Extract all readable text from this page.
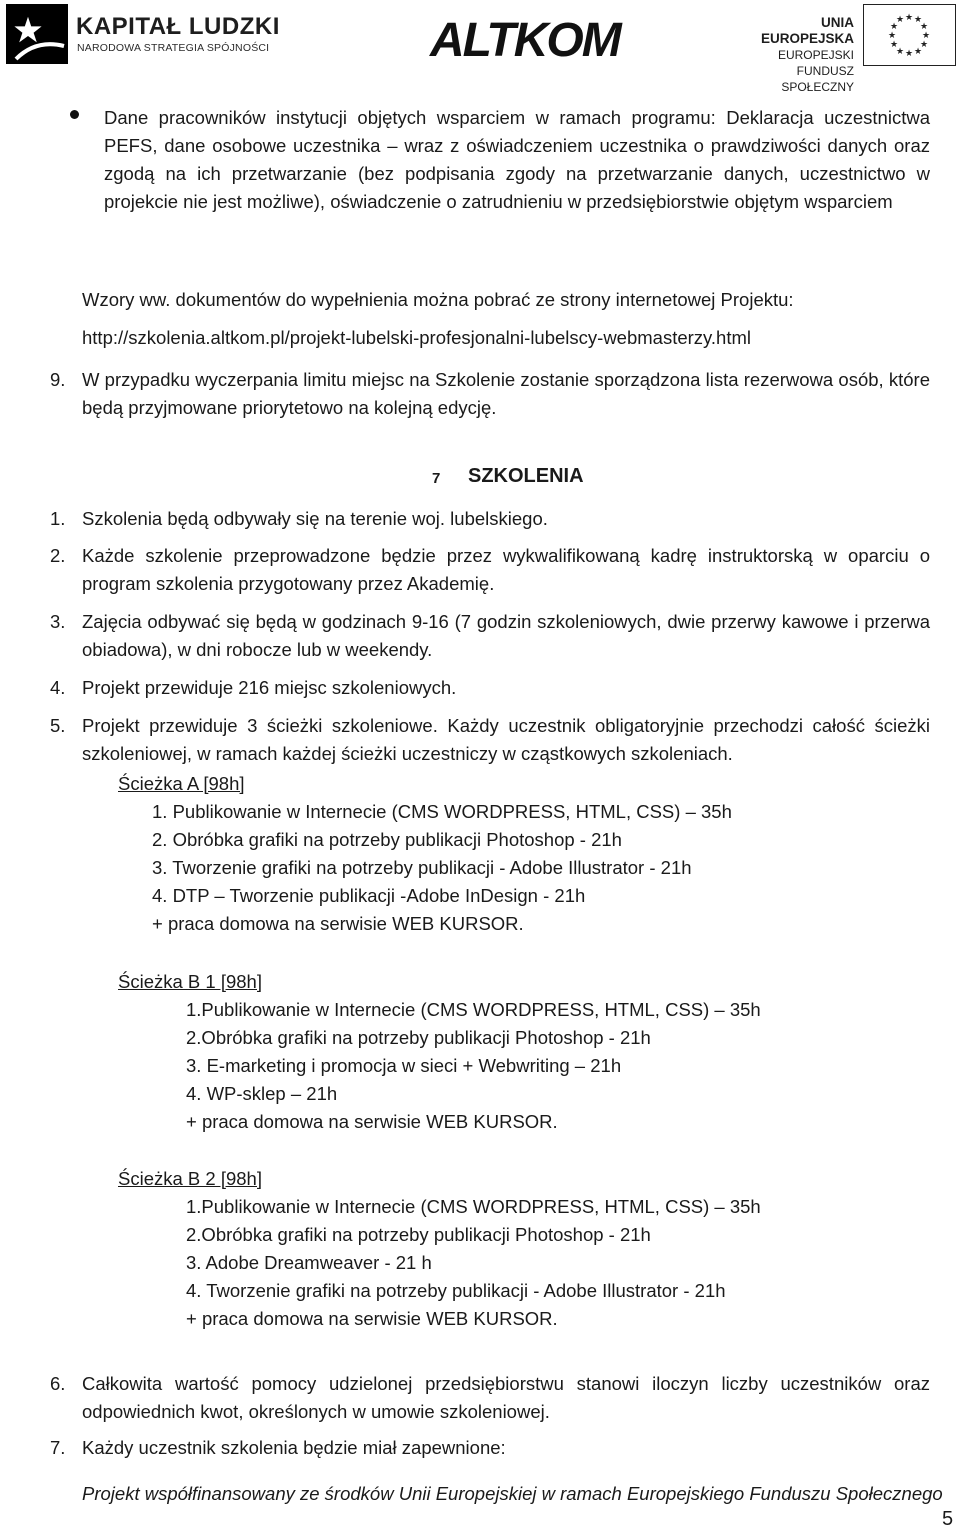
KAPITAŁ LUDZKI
NARODOWA STRATEGIA SPÓJNOŚCI	ALTKOM	UNIA EUROPEJSKA
EUROPEJSKI
FUNDUSZ SPOŁECZNY
★ ★
★
★
★
★
★
★
★
★
★
★
Dane pracowników instytucji objętych wsparciem w ramach programu: Deklaracja uczestnictwa PEFS, dane osobowe uczestnika – wraz z oświadczeniem uczestnika o prawdziwości danych oraz zgodą na ich przetwarzanie (bez podpisania zgody na przetwarzanie danych, uczestnictwo w projekcie nie jest możliwe), oświadczenie o zatrudnieniu w przedsiębiorstwie objętym wsparciem
Wzory ww. dokumentów do wypełnienia można pobrać ze strony internetowej Projektu:
http://szkolenia.altkom.pl/projekt-lubelski-profesjonalni-lubelscy-webmasterzy.html
9. W przypadku wyczerpania limitu miejsc na Szkolenie zostanie sporządzona lista rezerwowa osób, które będą przyjmowane priorytetowo na kolejną edycję.
7 SZKOLENIA
1. Szkolenia będą odbywały się na terenie woj. lubelskiego.
2. Każde szkolenie przeprowadzone będzie przez wykwalifikowaną kadrę instruktorską w oparciu o program szkolenia przygotowany przez Akademię.
3. Zajęcia odbywać się będą w godzinach 9-16 (7 godzin szkoleniowych, dwie przerwy kawowe i przerwa obiadowa), w dni robocze lub w weekendy.
4. Projekt przewiduje 216 miejsc szkoleniowych.
5. Projekt przewiduje 3 ścieżki szkoleniowe. Każdy uczestnik obligatoryjnie przechodzi całość ścieżki szkoleniowej, w ramach każdej ścieżki uczestniczy w cząstkowych szkoleniach.
Ścieżka A [98h]
1. Publikowanie w Internecie (CMS WORDPRESS, HTML, CSS) – 35h
2. Obróbka grafiki na potrzeby publikacji Photoshop - 21h
3. Tworzenie grafiki na potrzeby publikacji - Adobe Illustrator - 21h
4. DTP – Tworzenie publikacji -Adobe InDesign - 21h
+ praca domowa na serwisie WEB KURSOR.
Ścieżka B 1 [98h]
1.Publikowanie w Internecie (CMS WORDPRESS, HTML, CSS) – 35h
2.Obróbka grafiki na potrzeby publikacji Photoshop - 21h
3. E-marketing i promocja w sieci + Webwriting – 21h
4. WP-sklep – 21h
+ praca domowa na serwisie WEB KURSOR.
Ścieżka B 2 [98h]
1.Publikowanie w Internecie (CMS WORDPRESS, HTML, CSS) – 35h
2.Obróbka grafiki na potrzeby publikacji Photoshop - 21h
3. Adobe Dreamweaver - 21 h
4. Tworzenie grafiki na potrzeby publikacji - Adobe Illustrator - 21h
+ praca domowa na serwisie WEB KURSOR.
6. Całkowita wartość pomocy udzielonej przedsiębiorstwu stanowi iloczyn liczby uczestników oraz odpowiednich kwot, określonych w umowie szkoleniowej.
7. Każdy uczestnik szkolenia będzie miał zapewnione:
Projekt współfinansowany ze środków Unii Europejskiej w ramach Europejskiego Funduszu Społecznego
5
